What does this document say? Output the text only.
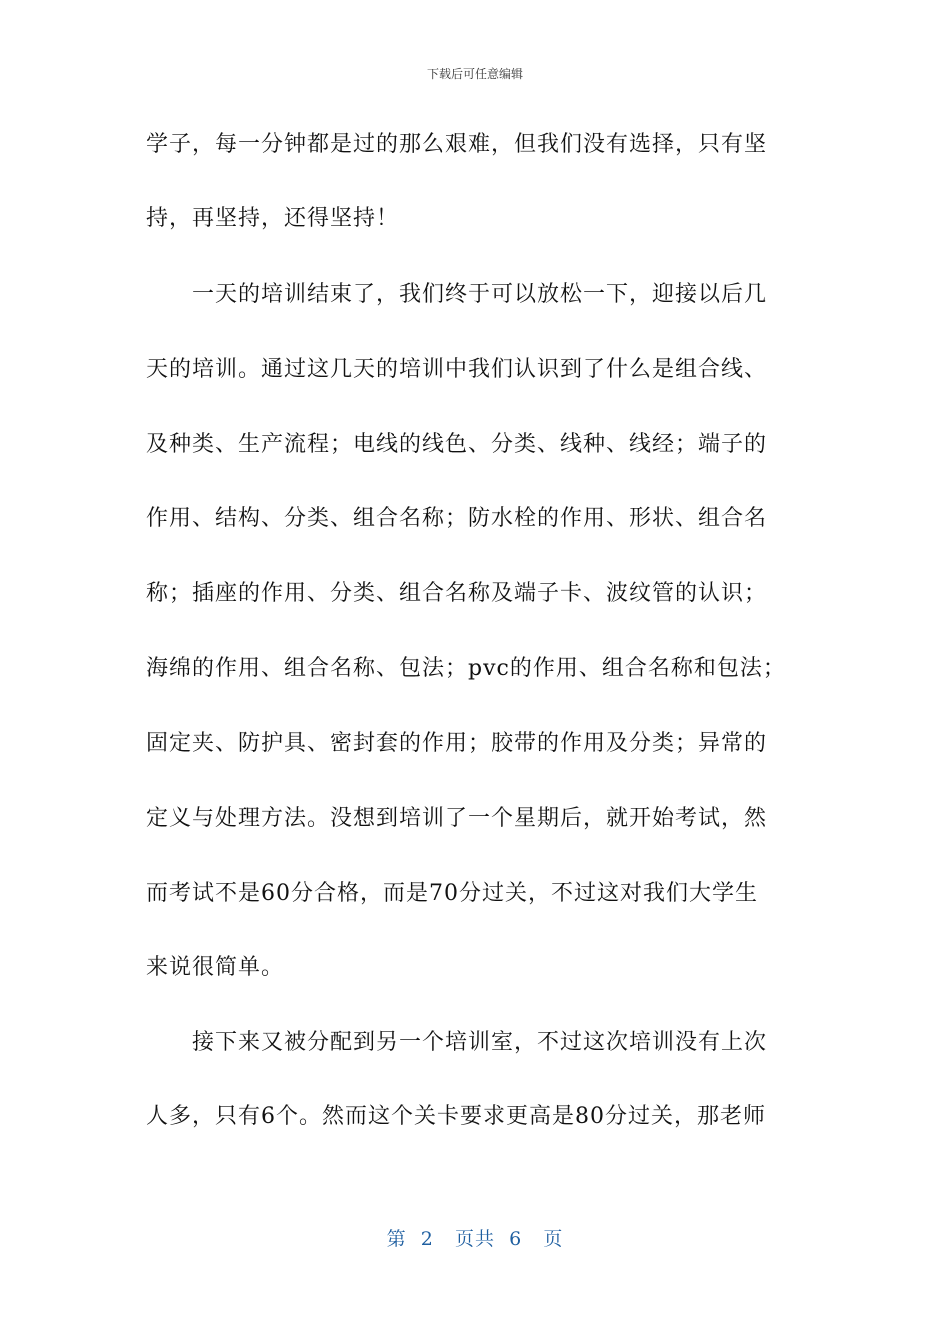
下载后可任意编辑
学子，每一分钟都是过的那么艰难，但我们没有选择，只有坚
持，再坚持，还得坚持！
　　一天的培训结束了，我们终于可以放松一下，迎接以后几
天的培训。通过这几天的培训中我们认识到了什么是组合线、
及种类、生产流程；电线的线色、分类、线种、线经；端子的
作用、结构、分类、组合名称；防水栓的作用、形状、组合名
称；插座的作用、分类、组合名称及端子卡、波纹管的认识；
海绵的作用、组合名称、包法；pvc的作用、组合名称和包法；
固定夹、防护具、密封套的作用；胶带的作用及分类；异常的
定义与处理方法。没想到培训了一个星期后，就开始考试，然
而考试不是60分合格，而是70分过关，不过这对我们大学生
来说很简单。
　　接下来又被分配到另一个培训室，不过这次培训没有上次
人多，只有6个。然而这个关卡要求更高是80分过关，那老师
第 2 页共 6 页
